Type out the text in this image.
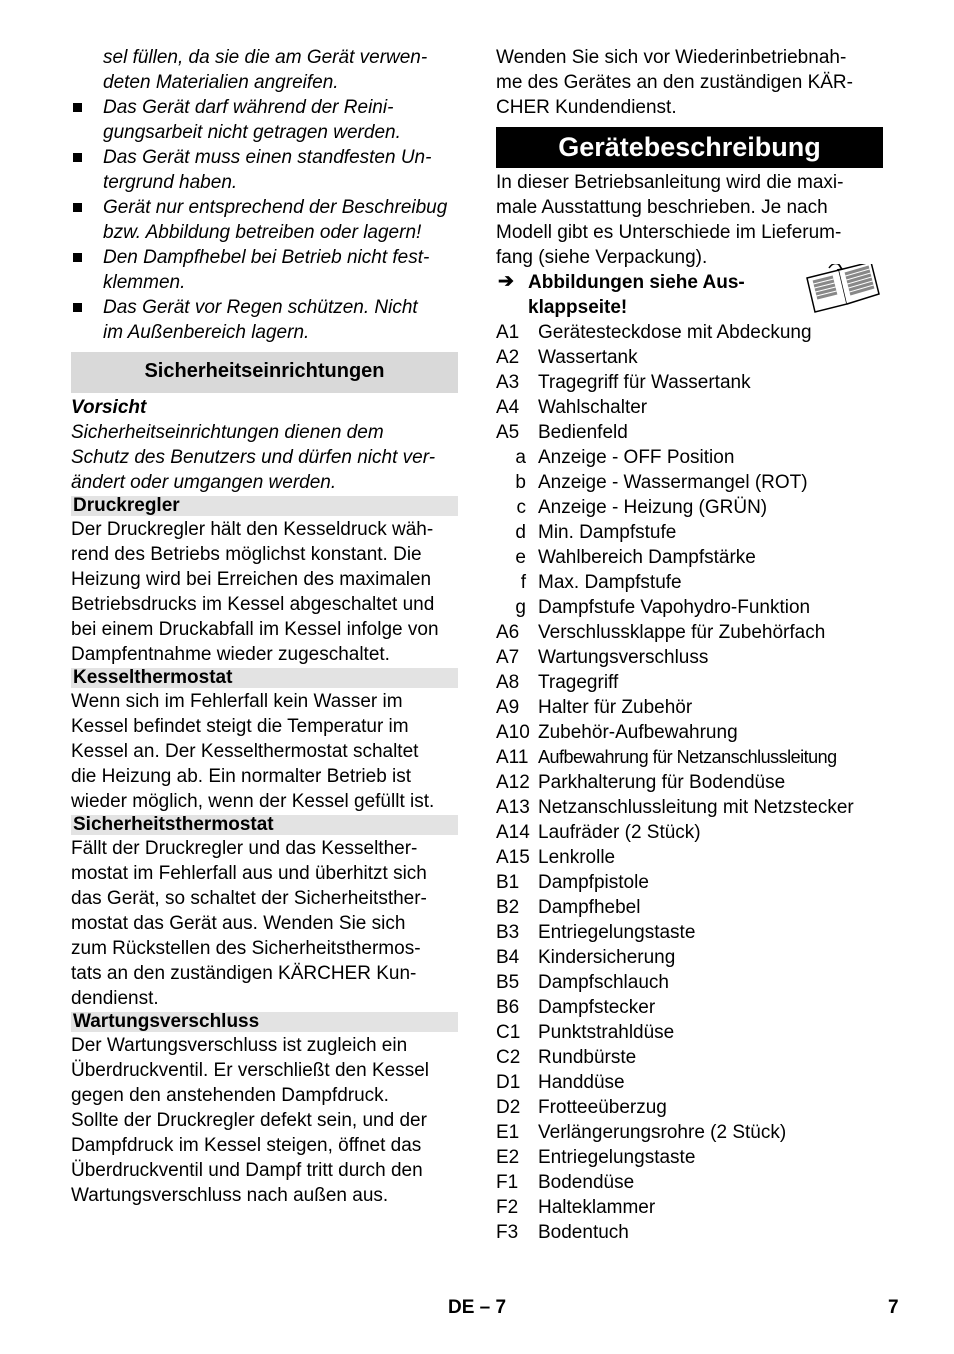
sel füllen, da sie die am Gerät verwen-
deten Materialien angreifen.
Das Gerät darf während der Reini-
gungsarbeit nicht getragen werden.
Das Gerät muss einen standfesten Un-
tergrund haben.
Gerät nur entsprechend der Beschreibug
bzw. Abbildung betreiben oder lagern!
Den Dampfhebel bei Betrieb nicht fest-
klemmen.
Das Gerät vor Regen schützen. Nicht
im Außenbereich lagern.
Sicherheitseinrichtungen
Vorsicht
Sicherheitseinrichtungen dienen dem
Schutz des Benutzers und dürfen nicht ver-
ändert oder umgangen werden.
Druckregler
Der Druckregler hält den Kesseldruck wäh-
rend des Betriebs möglichst konstant. Die
Heizung wird bei Erreichen des maximalen
Betriebsdrucks im Kessel abgeschaltet und
bei einem Druckabfall im Kessel infolge von
Dampfentnahme wieder zugeschaltet.
Kesselthermostat
Wenn sich im Fehlerfall kein Wasser im
Kessel befindet steigt die Temperatur im
Kessel an. Der Kesselthermostat schaltet
die Heizung ab. Ein normalter Betrieb ist
wieder möglich, wenn der Kessel gefüllt ist.
Sicherheitsthermostat
Fällt der Druckregler und das Kesselther-
mostat im Fehlerfall aus und überhitzt sich
das Gerät, so schaltet der Sicherheitsther-
mostat das Gerät aus. Wenden Sie sich
zum Rückstellen des Sicherheitsthermos-
tats an den zuständigen KÄRCHER Kun-
dendienst.
Wartungsverschluss
Der Wartungsverschluss ist zugleich ein
Überdruckventil. Er verschließt den Kessel
gegen den anstehenden Dampfdruck.
Sollte der Druckregler defekt sein, und der
Dampfdruck im Kessel steigen, öffnet das
Überdruckventil und Dampf tritt durch den
Wartungsverschluss nach außen aus.
Wenden Sie sich vor Wiederinbetriebnah-
me des Gerätes an den zuständigen KÄR-
CHER Kundendienst.
Gerätebeschreibung
In dieser Betriebsanleitung wird die maxi-
male Ausstattung beschrieben. Je nach
Modell gibt es Unterschiede im Lieferum-
fang (siehe Verpackung).
➔ Abbildungen siehe Aus-
klappseite!
A1 Gerätesteckdose mit Abdeckung
A2 Wassertank
A3 Tragegriff für Wassertank
A4 Wahlschalter
A5 Bedienfeld
a Anzeige - OFF Position
b Anzeige - Wassermangel (ROT)
c Anzeige - Heizung (GRÜN)
d Min. Dampfstufe
e Wahlbereich Dampfstärke
f Max. Dampfstufe
g Dampfstufe Vapohydro-Funktion
A6 Verschlussklappe für Zubehörfach
A7 Wartungsverschluss
A8 Tragegriff
A9 Halter für Zubehör
A10 Zubehör-Aufbewahrung
A11 Aufbewahrung für Netzanschlussleitung
A12 Parkhalterung für Bodendüse
A13 Netzanschlussleitung mit Netzstecker
A14 Laufräder (2 Stück)
A15 Lenkrolle
B1 Dampfpistole
B2 Dampfhebel
B3 Entriegelungstaste
B4 Kindersicherung
B5 Dampfschlauch
B6 Dampfstecker
C1 Punktstrahldüse
C2 Rundbürste
D1 Handdüse
D2 Frotteeüberzug
E1 Verlängerungsrohre (2 Stück)
E2 Entriegelungstaste
F1	Bodendüse
F2	Halteklammer
F3	Bodentuch
DE – 7	7
